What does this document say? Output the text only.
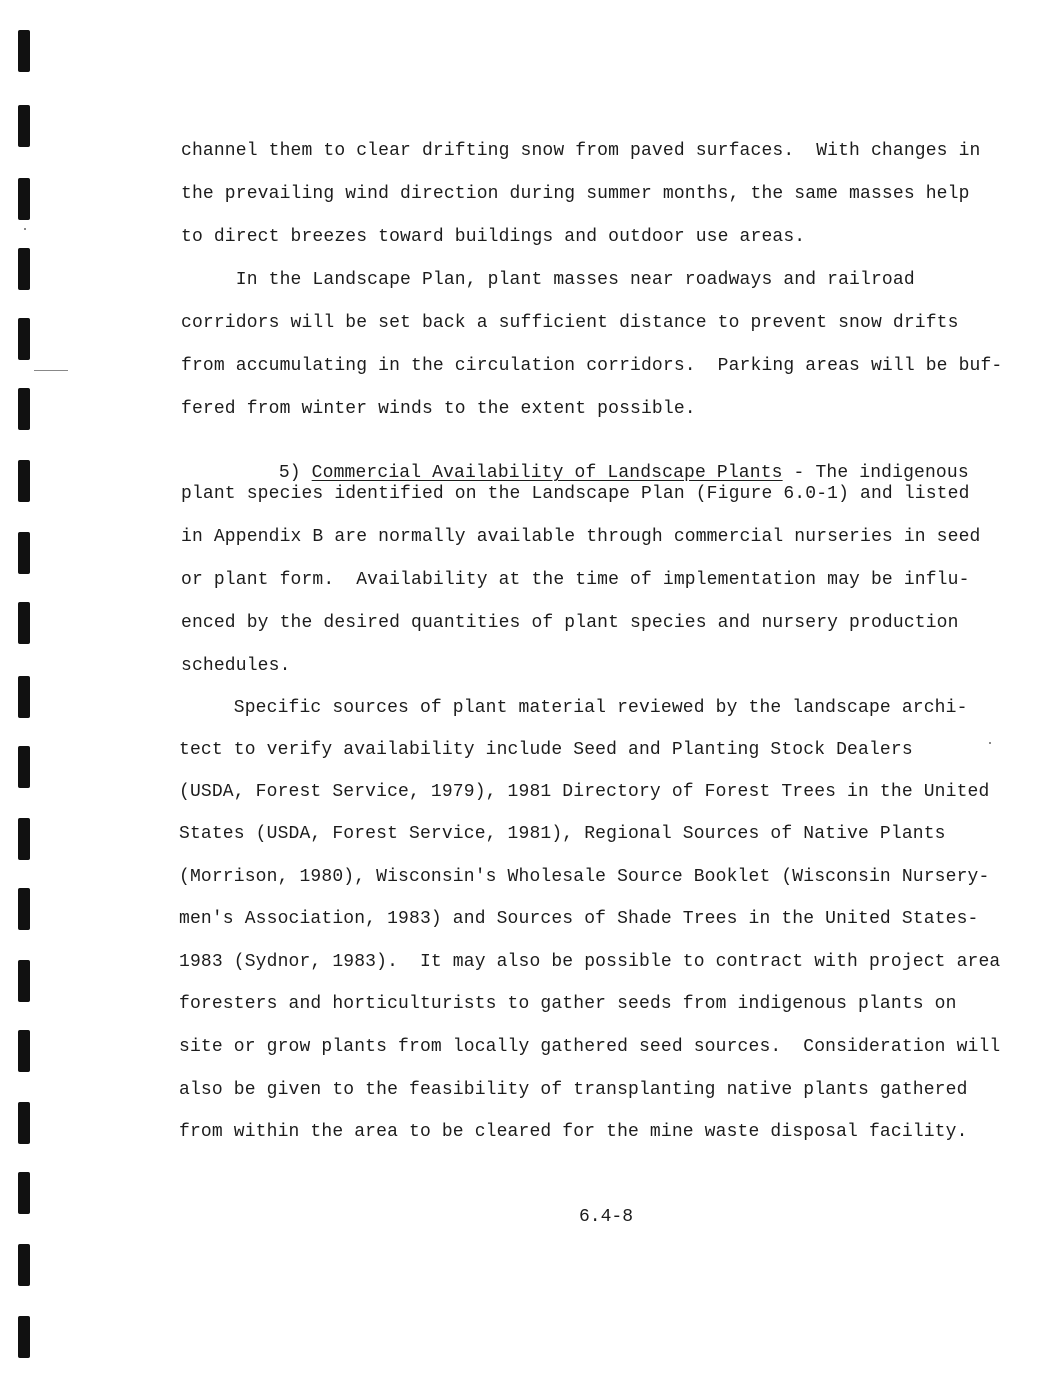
channel them to clear drifting snow from paved surfaces.  With changes in
the prevailing wind direction during summer months, the same masses help
to direct breezes toward buildings and outdoor use areas.
In the Landscape Plan, plant masses near roadways and railroad
corridors will be set back a sufficient distance to prevent snow drifts
from accumulating in the circulation corridors.  Parking areas will be buf-
fered from winter winds to the extent possible.

5) Commercial Availability of Landscape Plants - The indigenous

plant species identified on the Landscape Plan (Figure 6.0-1) and listed
in Appendix B are normally available through commercial nurseries in seed
or plant form.  Availability at the time of implementation may be influ-
enced by the desired quantities of plant species and nursery production
schedules.
Specific sources of plant material reviewed by the landscape archi-
tect to verify availability include Seed and Planting Stock Dealers
(USDA, Forest Service, 1979), 1981 Directory of Forest Trees in the United
States (USDA, Forest Service, 1981), Regional Sources of Native Plants
(Morrison, 1980), Wisconsin's Wholesale Source Booklet (Wisconsin Nursery-
men's Association, 1983) and Sources of Shade Trees in the United States-
1983 (Sydnor, 1983).  It may also be possible to contract with project area
foresters and horticulturists to gather seeds from indigenous plants on
site or grow plants from locally gathered seed sources.  Consideration will
also be given to the feasibility of transplanting native plants gathered
from within the area to be cleared for the mine waste disposal facility.
6.4-8
